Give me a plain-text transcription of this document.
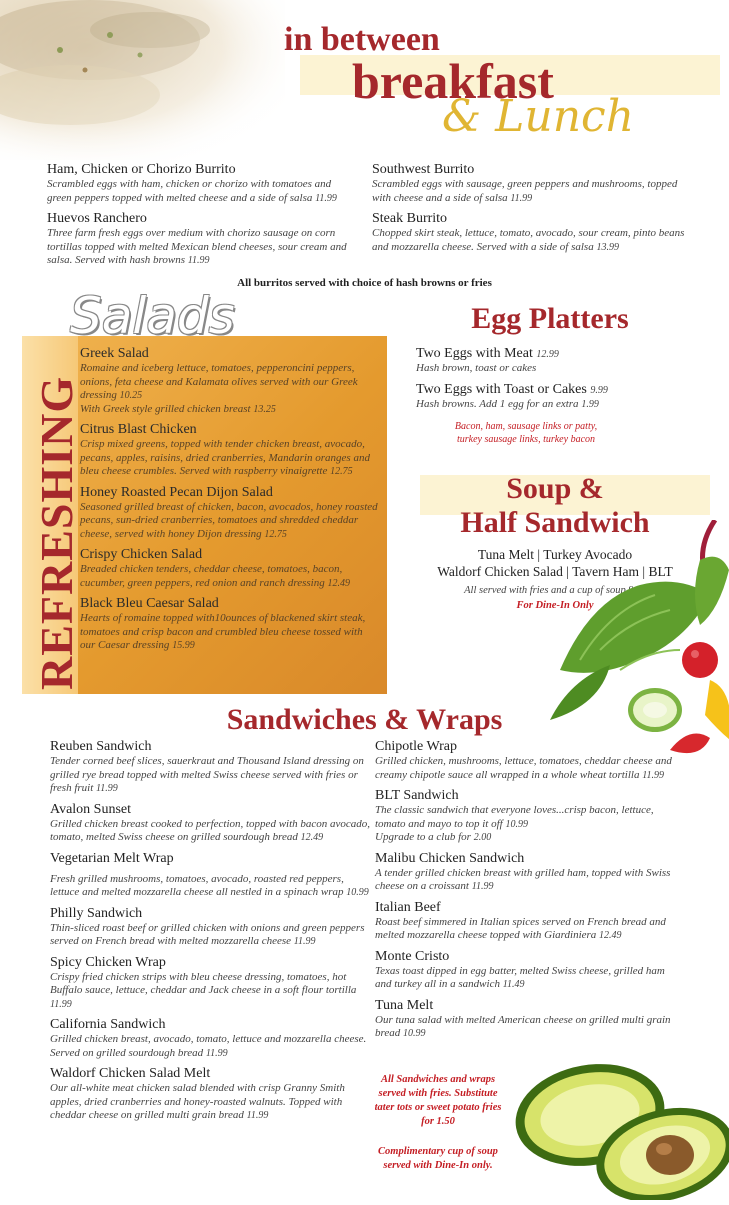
in between
breakfast
& Lunch
Ham, Chicken or Chorizo Burrito
Scrambled eggs with ham, chicken or chorizo with tomatoes and green peppers topped with melted cheese and a side of salsa 11.99
Huevos Ranchero
Three farm fresh eggs over medium with chorizo sausage on corn tortillas topped with melted Mexican blend cheeses, sour cream and salsa. Served with hash browns 11.99
Southwest Burrito
Scrambled eggs with sausage, green peppers and mushrooms, topped with cheese and a side of salsa 11.99
Steak Burrito
Chopped skirt steak, lettuce, tomato, avocado, sour cream, pinto beans and mozzarella cheese. Served with a side of salsa 13.99
All burritos served with choice of hash browns or fries
REFRESHING
Salads
Greek Salad
Romaine and iceberg lettuce, tomatoes, pepperoncini peppers, onions, feta cheese and Kalamata olives served with our Greek dressing 10.25
With Greek style grilled chicken breast 13.25
Citrus Blast Chicken
Crisp mixed greens, topped with tender chicken breast, avocado, pecans, apples, raisins, dried cranberries, Mandarin oranges and bleu cheese crumbles. Served with raspberry vinaigrette 12.75
Honey Roasted Pecan Dijon Salad
Seasoned grilled breast of chicken, bacon, avocados, honey roasted pecans, sun-dried cranberries, tomatoes and shredded cheddar cheese, served with honey Dijon dressing 12.75
Crispy Chicken Salad
Breaded chicken tenders, cheddar cheese, tomatoes, bacon, cucumber, green peppers, red onion and ranch dressing 12.49
Black Bleu Caesar Salad
Hearts of romaine topped with10ounces of blackened skirt steak, tomatoes and crisp bacon and crumbled bleu cheese tossed with our Caesar dressing 15.99
Egg Platters
Two Eggs with Meat 12.99
Hash brown, toast or cakes
Two Eggs with Toast or Cakes 9.99
Hash browns. Add 1 egg for an extra 1.99
Bacon, ham, sausage links or patty,
turkey sausage links, turkey bacon
Soup &
Half Sandwich
Tuna Melt | Turkey Avocado
Waldorf Chicken Salad | Tavern Ham | BLT
All served with fries and a cup of soup
For Dine-In Only
Sandwiches & Wraps
Reuben Sandwich
Tender corned beef slices, sauerkraut and Thousand Island dressing on grilled rye bread topped with melted Swiss cheese served with fries or fresh fruit 11.99
Avalon Sunset
Grilled chicken breast cooked to perfection, topped with bacon avocado, tomato, melted Swiss cheese on grilled sourdough bread 12.49
Vegetarian Melt Wrap
Fresh grilled mushrooms, tomatoes, avocado, roasted red peppers, lettuce and melted mozzarella cheese all nestled in a spinach wrap 10.99
Philly Sandwich
Thin-sliced roast beef or grilled chicken with onions and green peppers served on French bread with melted mozzarella cheese 11.99
Spicy Chicken Wrap
Crispy fried chicken strips with bleu cheese dressing, tomatoes, hot Buffalo sauce, lettuce, cheddar and Jack cheese in a soft flour tortilla 11.99
California Sandwich
Grilled chicken breast, avocado, tomato, lettuce and mozzarella cheese. Served on grilled sourdough bread 11.99
Waldorf Chicken Salad Melt
Our all-white meat chicken salad blended with crisp Granny Smith apples, dried cranberries and honey-roasted walnuts. Topped with cheddar cheese on grilled multi grain bread 11.99
Chipotle Wrap
Grilled chicken, mushrooms, lettuce, tomatoes, cheddar cheese and creamy chipotle sauce all wrapped in a whole wheat tortilla 11.99
BLT Sandwich
The classic sandwich that everyone loves...crisp bacon, lettuce, tomato and mayo to top it off 10.99
Upgrade to a club for 2.00
Malibu Chicken Sandwich
A tender grilled chicken breast with grilled ham, topped with Swiss cheese on a croissant 11.99
Italian Beef
Roast beef simmered in Italian spices served on French bread and melted mozzarella cheese topped with Giardiniera 12.49
Monte Cristo
Texas toast dipped in egg batter, melted Swiss cheese, grilled ham and turkey all in a sandwich 11.49
Tuna Melt
Our tuna salad with melted American cheese on grilled multi grain bread 10.99
All Sandwiches and wraps served with fries. Substitute tater tots or sweet potato fries for 1.50
Complimentary cup of soup served with Dine-In only.
